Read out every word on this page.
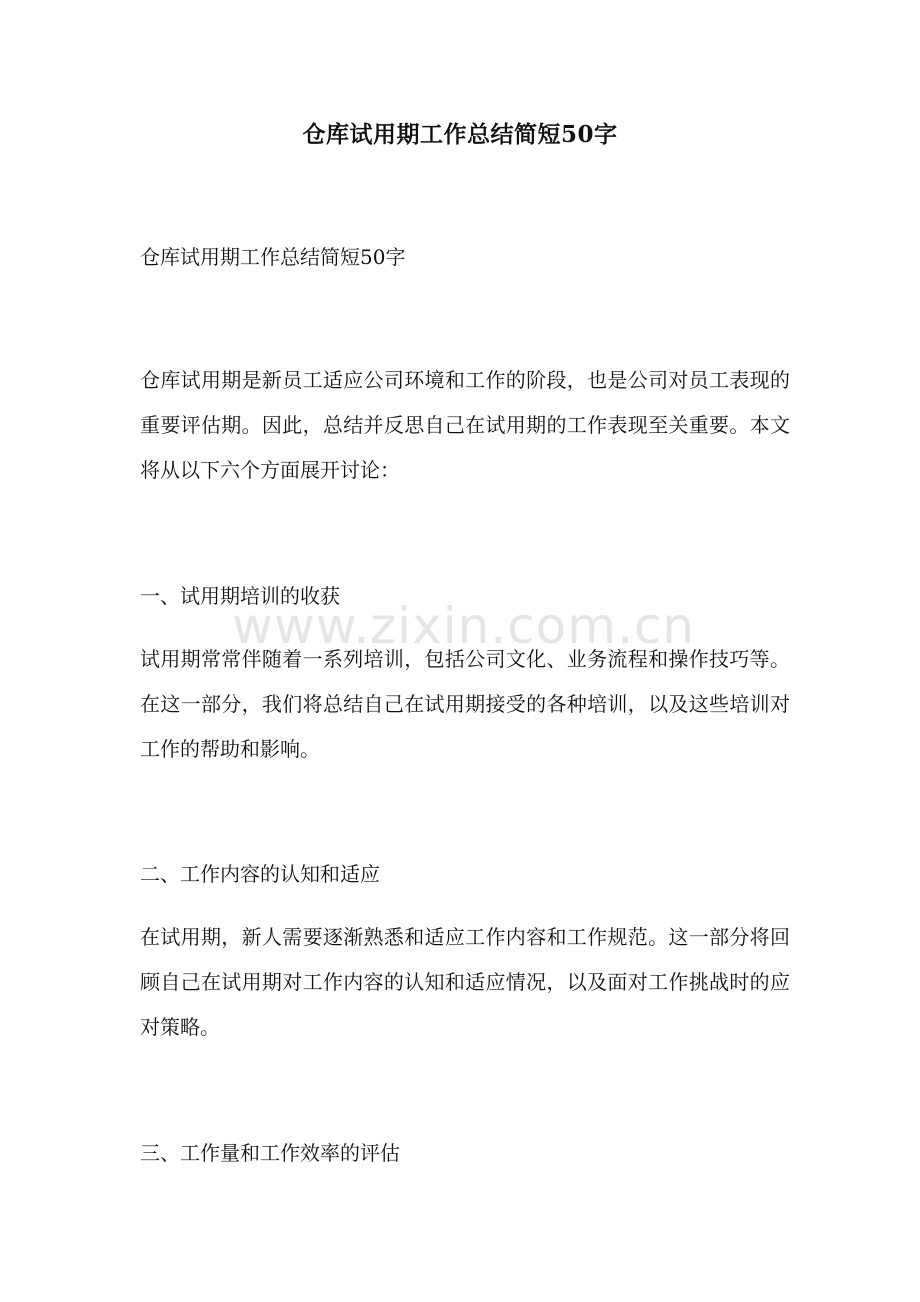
仓库试用期工作总结简短50字
仓库试用期工作总结简短50字
仓库试用期是新员工适应公司环境和工作的阶段，也是公司对员工表现的重要评估期。因此，总结并反思自己在试用期的工作表现至关重要。本文将从以下六个方面展开讨论：
一、试用期培训的收获
试用期常常伴随着一系列培训，包括公司文化、业务流程和操作技巧等。在这一部分，我们将总结自己在试用期接受的各种培训，以及这些培训对工作的帮助和影响。
二、工作内容的认知和适应
在试用期，新人需要逐渐熟悉和适应工作内容和工作规范。这一部分将回顾自己在试用期对工作内容的认知和适应情况，以及面对工作挑战时的应对策略。
三、工作量和工作效率的评估
www.zixin.com.cn
